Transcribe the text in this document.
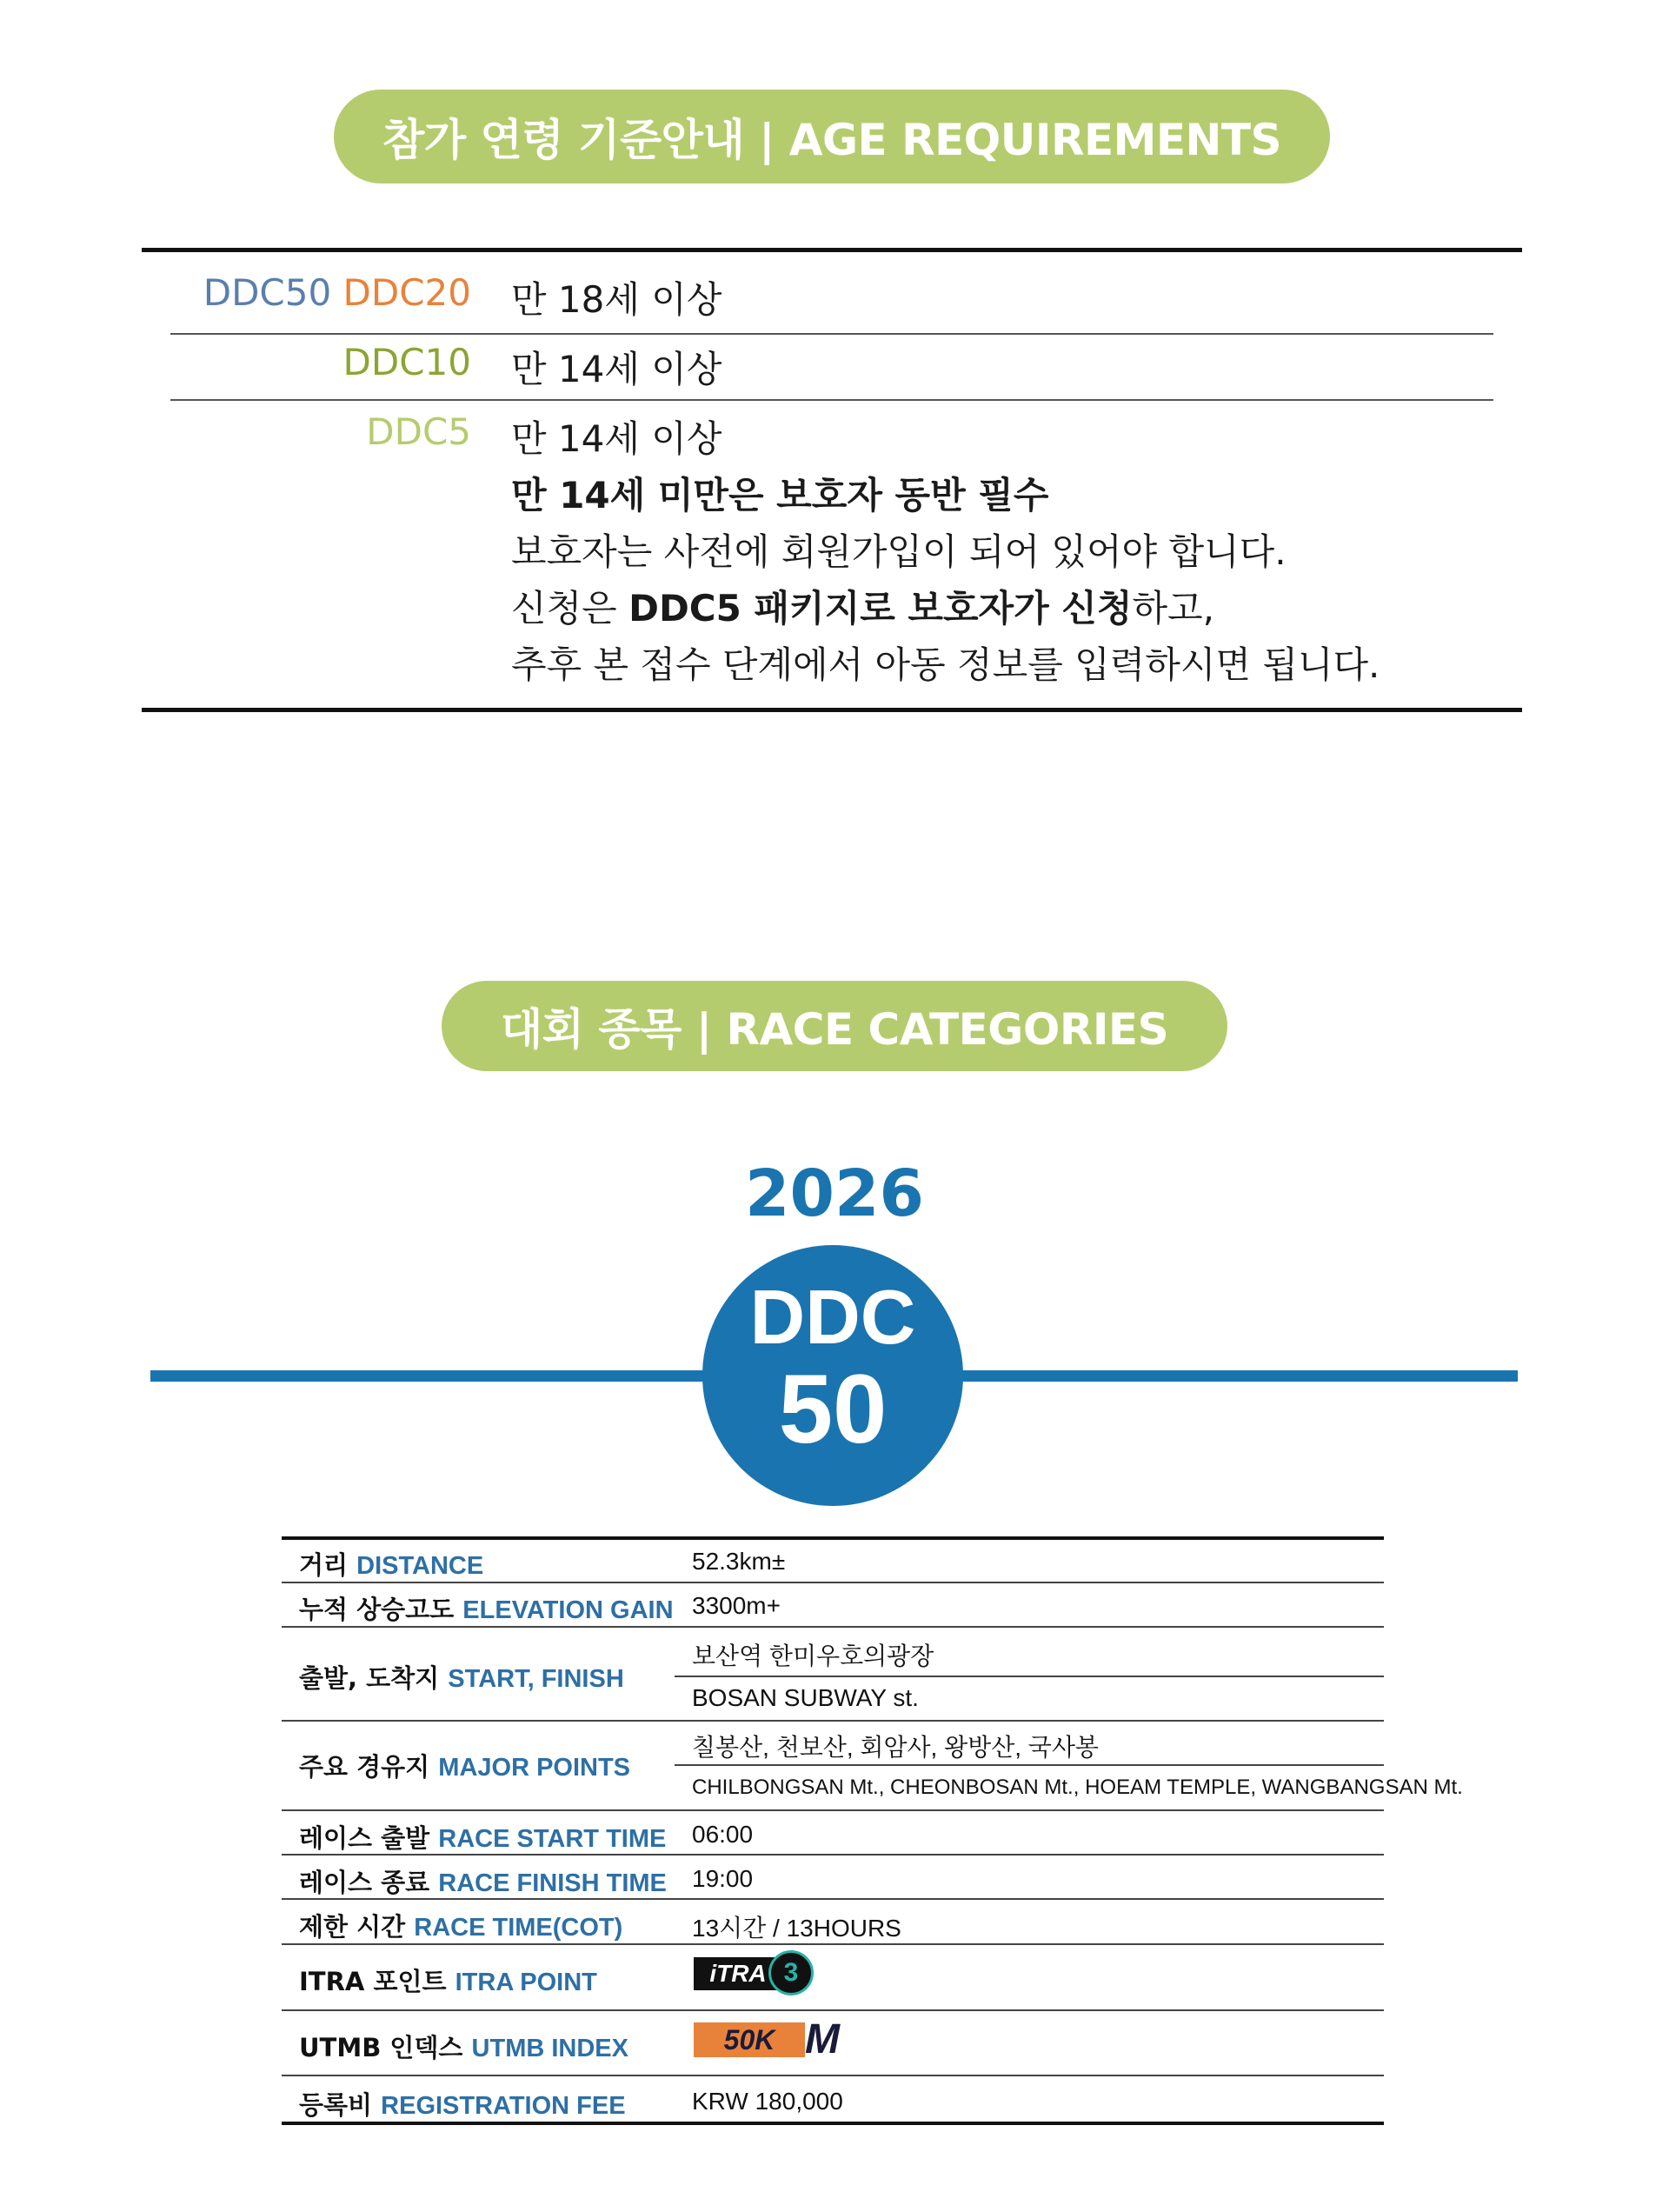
참가 연령 기준안내 | AGE REQUIREMENTS
DDC50 DDC20 만 18세 이상
DDC10 만 14세 이상
DDC5 만 14세 이상
만 14세 미만은 보호자 동반 필수
보호자는 사전에 회원가입이 되어 있어야 합니다.
신청은 DDC5 패키지로 보호자가 신청하고,
추후 본 접수 단계에서 아동 정보를 입력하시면 됩니다.
대회 종목 | RACE CATEGORIES
2026
DDC
50
거리 DISTANCE	52.3km±
누적 상승고도 ELEVATION GAIN 3300m+
출발, 도착지 START, FINISH
보산역 한미우호의광장
BOSAN SUBWAY st.
주요 경유지 MAJOR POINTS
칠봉산, 천보산, 회암사, 왕방산, 국사봉
CHILBONGSAN Mt., CHEONBOSAN Mt., HOEAM TEMPLE, WANGBANGSAN Mt.
레이스 출발 RACE START TIME 06:00
레이스 종료 RACE FINISH TIME 19:00
제한 시간 RACE TIME(COT)	13시간 / 13HOURS
ITRA 포인트 ITRA POINT	iTRA 3
UTMB 인덱스 UTMB INDEX	50K M
등록비 REGISTRATION FEE	KRW 180,000
